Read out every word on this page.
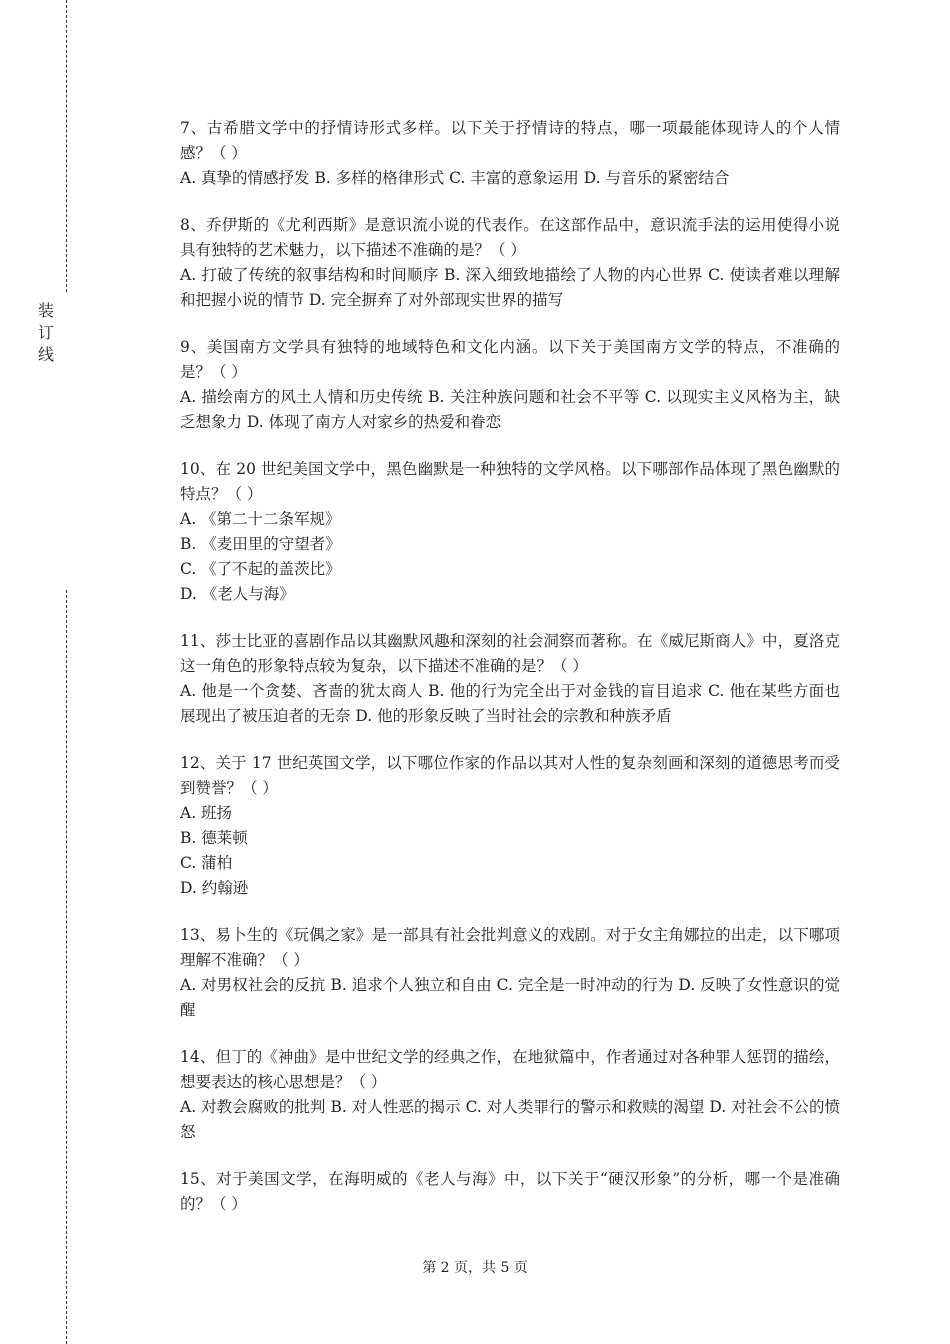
装订线

7、古希腊文学中的抒情诗形式多样。以下关于抒情诗的特点，哪一项最能体现诗人的个人情感？（ ）

A. 真挚的情感抒发 B. 多样的格律形式 C. 丰富的意象运用 D. 与音乐的紧密结合

8、乔伊斯的《尤利西斯》是意识流小说的代表作。在这部作品中，意识流手法的运用使得小说具有独特的艺术魅力，以下描述不准确的是？（ ）

A. 打破了传统的叙事结构和时间顺序 B. 深入细致地描绘了人物的内心世界 C. 使读者难以理解和把握小说的情节 D. 完全摒弃了对外部现实世界的描写

9、美国南方文学具有独特的地域特色和文化内涵。以下关于美国南方文学的特点，不准确的是？（ ）

A. 描绘南方的风土人情和历史传统 B. 关注种族问题和社会不平等 C. 以现实主义风格为主，缺乏想象力 D. 体现了南方人对家乡的热爱和眷恋

10、在 20 世纪美国文学中，黑色幽默是一种独特的文学风格。以下哪部作品体现了黑色幽默的特点？（ ）

A. 《第二十二条军规》

B. 《麦田里的守望者》

C. 《了不起的盖茨比》

D. 《老人与海》

11、莎士比亚的喜剧作品以其幽默风趣和深刻的社会洞察而著称。在《威尼斯商人》中，夏洛克这一角色的形象特点较为复杂，以下描述不准确的是？（ ）

A. 他是一个贪婪、吝啬的犹太商人 B. 他的行为完全出于对金钱的盲目追求 C. 他在某些方面也展现出了被压迫者的无奈 D. 他的形象反映了当时社会的宗教和种族矛盾

12、关于 17 世纪英国文学，以下哪位作家的作品以其对人性的复杂刻画和深刻的道德思考而受到赞誉？（ ）

A. 班扬

B. 德莱顿

C. 蒲柏

D. 约翰逊

13、易卜生的《玩偶之家》是一部具有社会批判意义的戏剧。对于女主角娜拉的出走，以下哪项理解不准确？（ ）

A. 对男权社会的反抗 B. 追求个人独立和自由 C. 完全是一时冲动的行为 D. 反映了女性意识的觉醒

14、但丁的《神曲》是中世纪文学的经典之作，在地狱篇中，作者通过对各种罪人惩罚的描绘，想要表达的核心思想是？（ ）

A. 对教会腐败的批判 B. 对人性恶的揭示 C. 对人类罪行的警示和救赎的渴望 D. 对社会不公的愤怒

15、对于美国文学，在海明威的《老人与海》中，以下关于“硬汉形象”的分析，哪一个是准确的？（ ）

第 2 页，共 5 页
